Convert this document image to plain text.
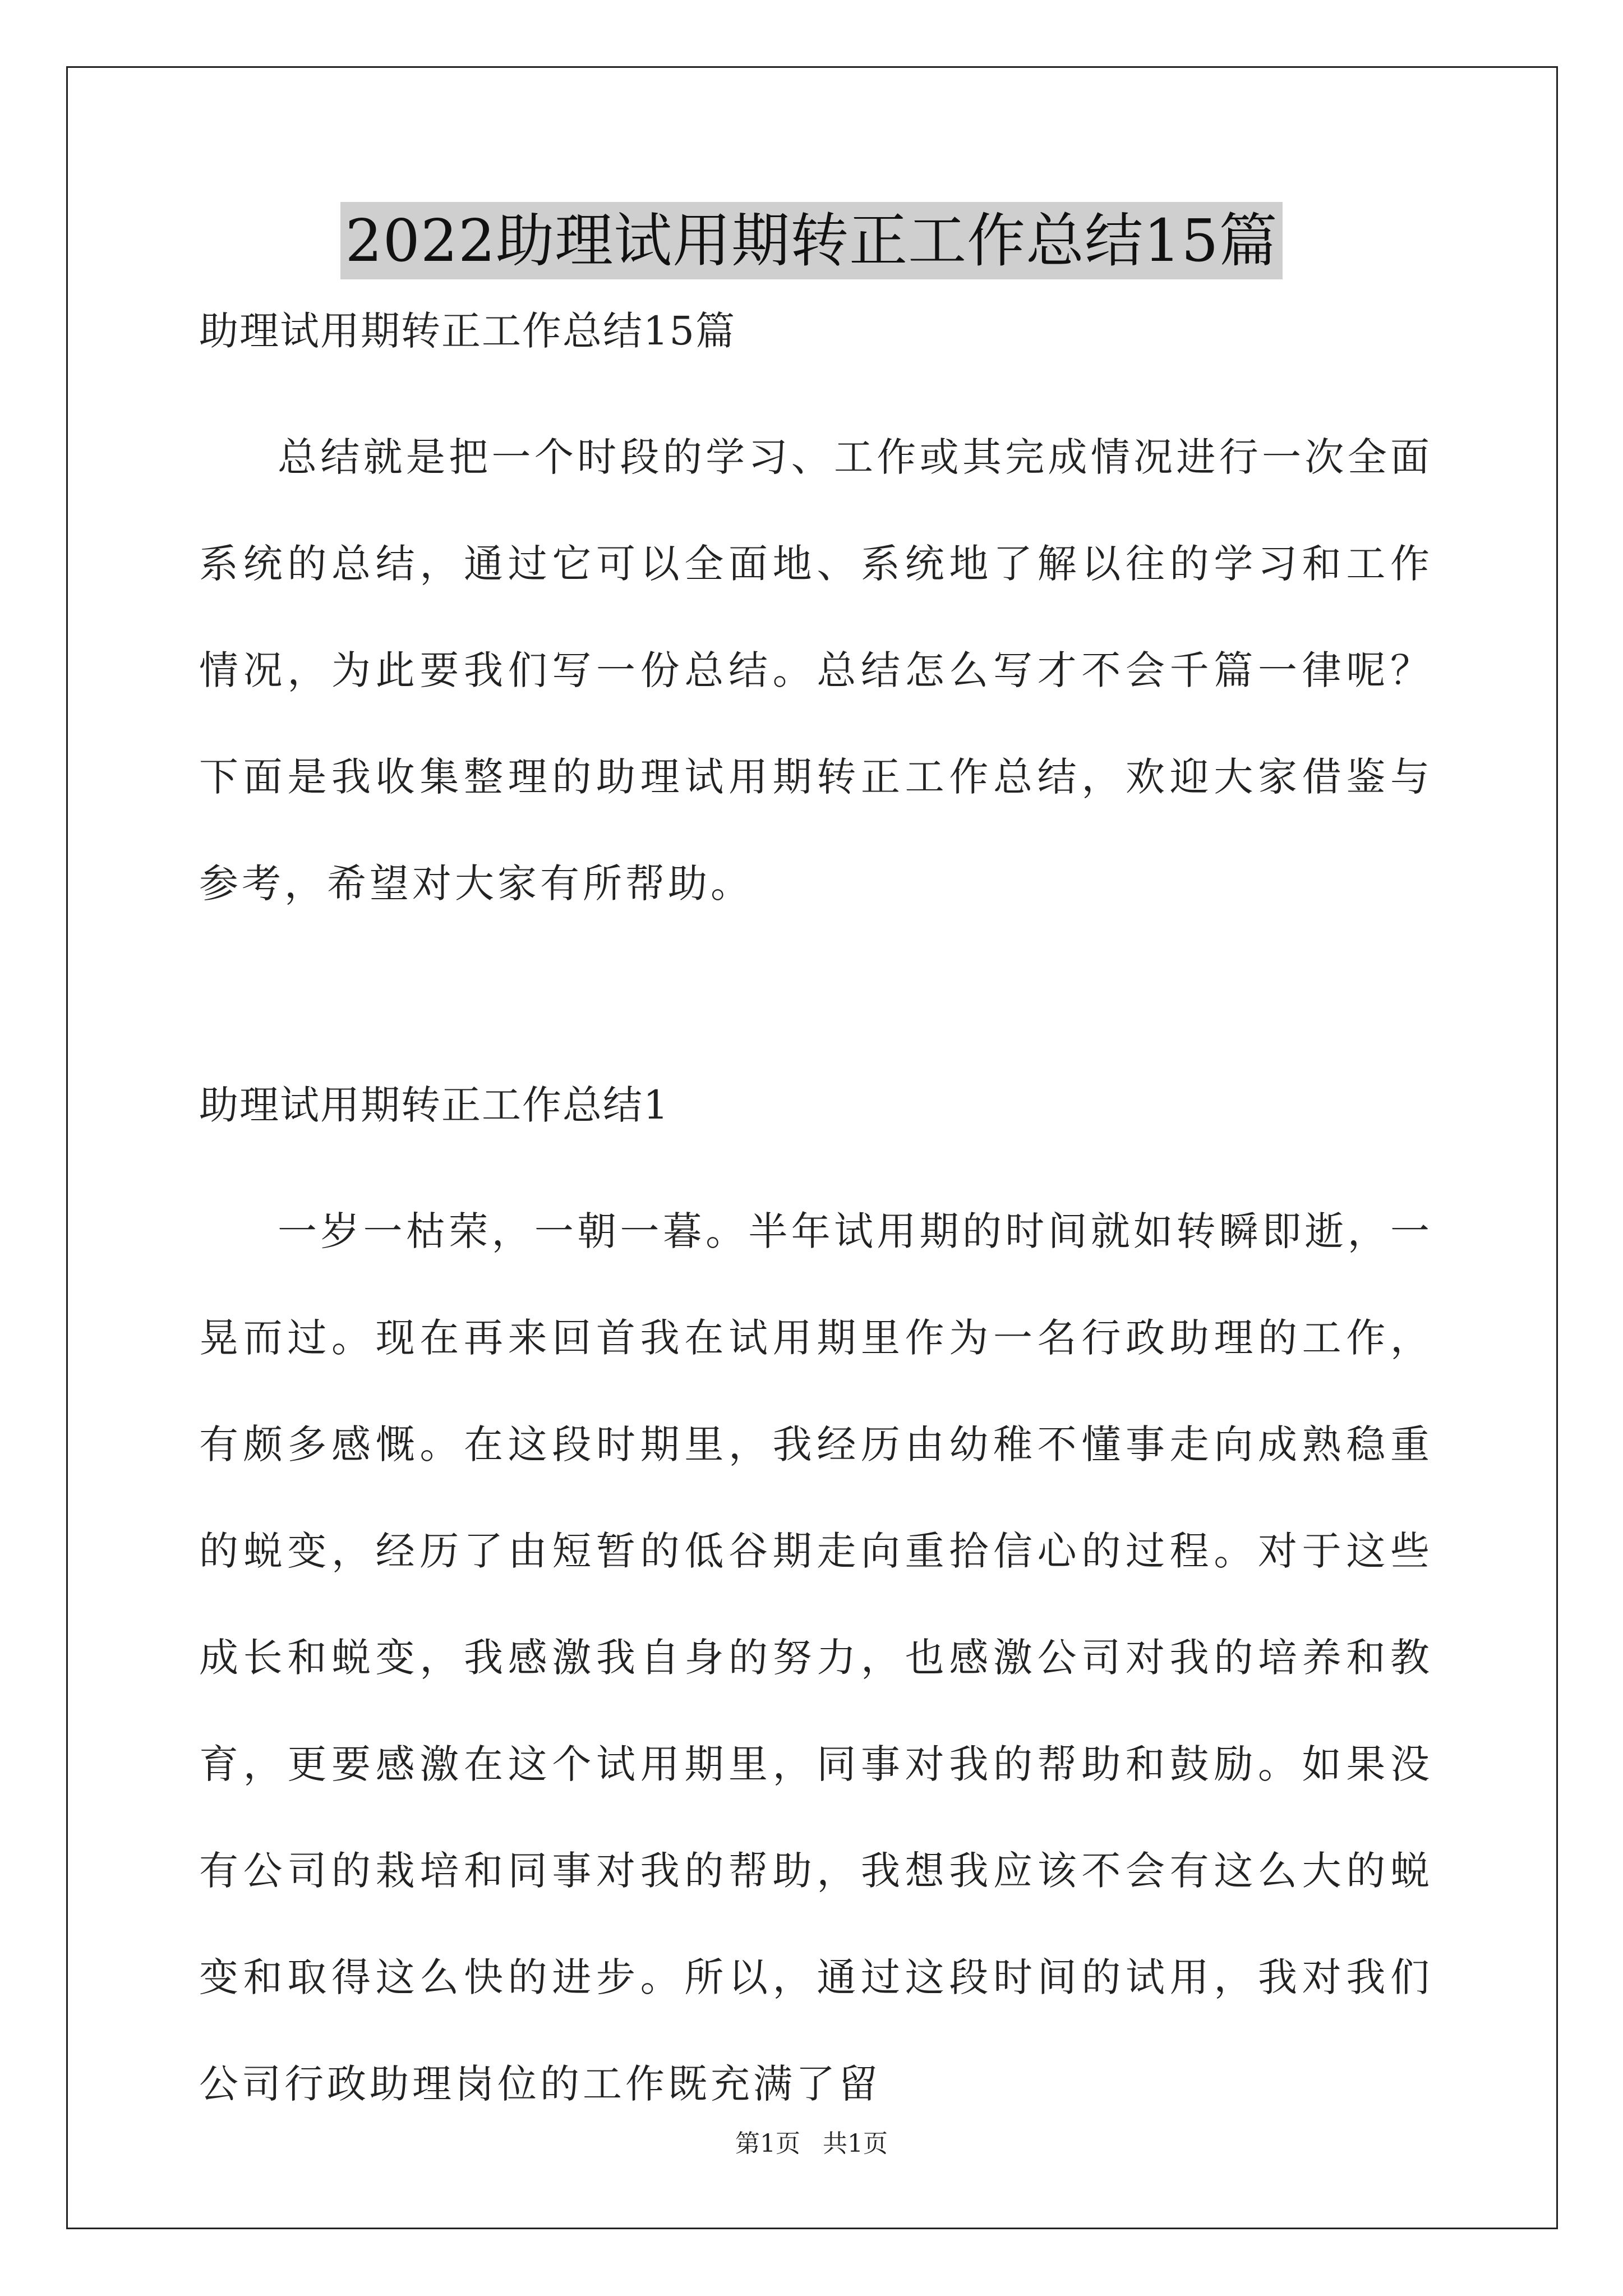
2022助理试用期转正工作总结15篇

助理试用期转正工作总结15篇

总结就是把一个时段的学习、工作或其完成情况进行一次全面系统的总结，通过它可以全面地、系统地了解以往的学习和工作情况，为此要我们写一份总结。总结怎么写才不会千篇一律呢？下面是我收集整理的助理试用期转正工作总结，欢迎大家借鉴与参考，希望对大家有所帮助。

助理试用期转正工作总结1

一岁一枯荣，一朝一暮。半年试用期的时间就如转瞬即逝，一晃而过。现在再来回首我在试用期里作为一名行政助理的工作，有颇多感慨。在这段时期里，我经历由幼稚不懂事走向成熟稳重的蜕变，经历了由短暂的低谷期走向重拾信心的过程。对于这些成长和蜕变，我感激我自身的努力，也感激公司对我的培养和教育，更要感激在这个试用期里，同事对我的帮助和鼓励。如果没有公司的栽培和同事对我的帮助，我想我应该不会有这么大的蜕变和取得这么快的进步。所以，通过这段时间的试用，我对我们公司行政助理岗位的工作既充满了留

第1页 共1页
